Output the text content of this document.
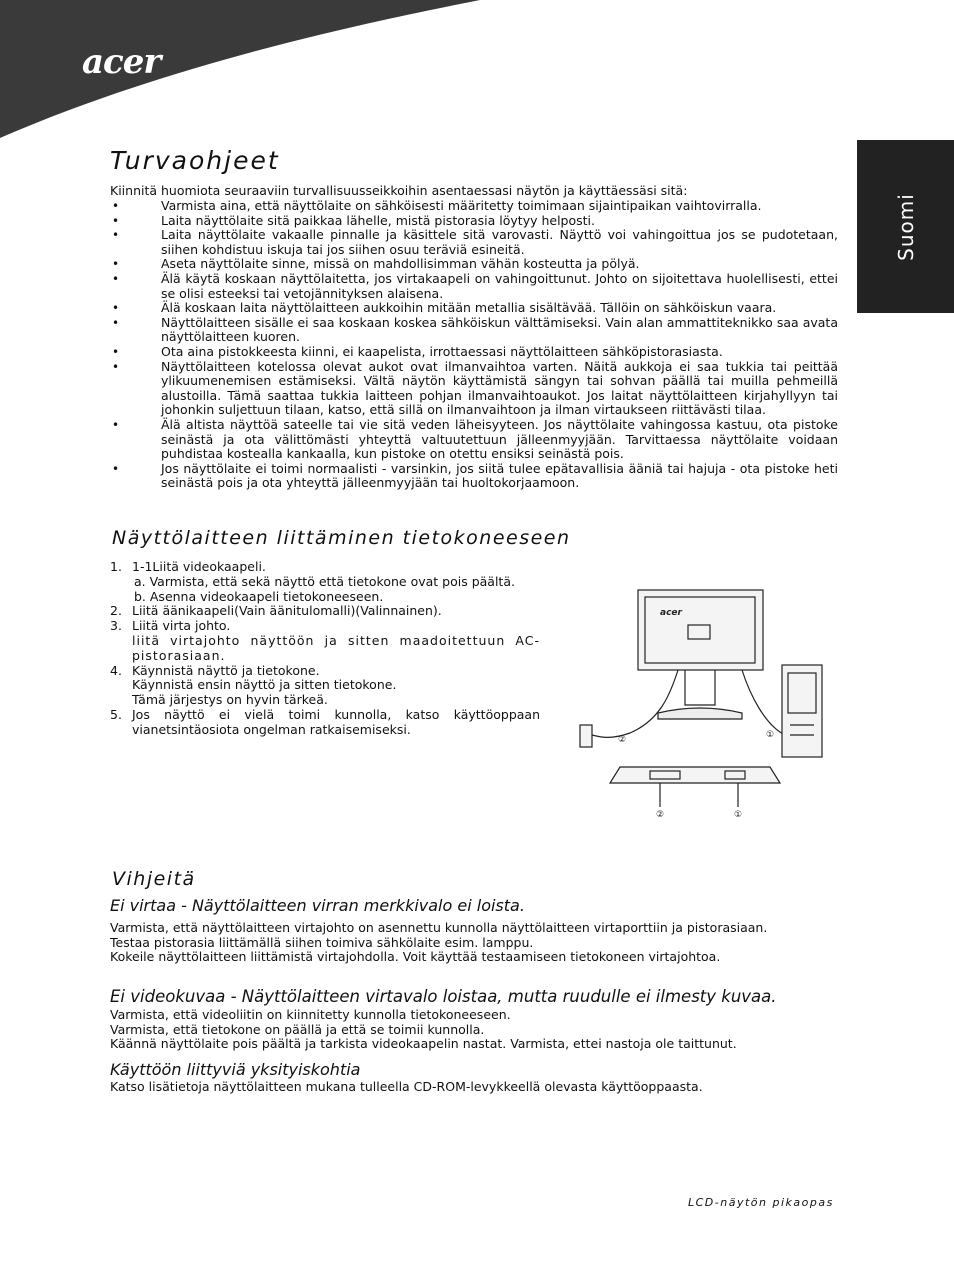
acer
Suomi
Turvaohjeet
Kiinnitä huomiota seuraaviin turvallisuusseikkoihin asentaessasi näytön ja käyttäessäsi sitä:
• Varmista aina, että näyttölaite on sähköisesti määritetty toimimaan sijaintipaikan vaihtovirralla.
• Laita näyttölaite sitä paikkaa lähelle, mistä pistorasia löytyy helposti.
• Laita näyttölaite vakaalle pinnalle ja käsittele sitä varovasti. Näyttö voi vahingoittua jos se pudotetaan, siihen kohdistuu iskuja tai jos siihen osuu teräviä esineitä.
• Aseta näyttölaite sinne, missä on mahdollisimman vähän kosteutta ja pölyä.
• Älä käytä koskaan näyttölaitetta, jos virtakaapeli on vahingoittunut. Johto on sijoitettava huolellisesti, ettei se olisi esteeksi tai vetojännityksen alaisena.
• Älä koskaan laita näyttölaitteen aukkoihin mitään metallia sisältävää. Tällöin on sähköiskun vaara.
• Näyttölaitteen sisälle ei saa koskaan koskea sähköiskun välttämiseksi. Vain alan ammattiteknikko saa avata näyttölaitteen kuoren.
• Ota aina pistokkeesta kiinni, ei kaapelista, irrottaessasi näyttölaitteen sähköpistorasiasta.
• Näyttölaitteen kotelossa olevat aukot ovat ilmanvaihtoa varten. Näitä aukkoja ei saa tukkia tai peittää ylikuumenemisen estämiseksi. Vältä näytön käyttämistä sängyn tai sohvan päällä tai muilla pehmeillä alustoilla. Tämä saattaa tukkia laitteen pohjan ilmanvaihtoaukot. Jos laitat näyttölaitteen kirjahyllyyn tai johonkin suljettuun tilaan, katso, että sillä on ilmanvaihtoon ja ilman virtaukseen riittävästi tilaa.
• Älä altista näyttöä sateelle tai vie sitä veden läheisyyteen. Jos näyttölaite vahingossa kastuu, ota pistoke seinästä ja ota välittömästi yhteyttä valtuutettuun jälleenmyyjään. Tarvittaessa näyttölaite voidaan puhdistaa kostealla kankaalla, kun pistoke on otettu ensiksi seinästä pois.
• Jos näyttölaite ei toimi normaalisti - varsinkin, jos siitä tulee epätavallisia ääniä tai hajuja - ota pistoke heti seinästä pois ja ota yhteyttä jälleenmyyjään tai huoltokorjaamoon.
Näyttölaitteen liittäminen tietokoneeseen
1. 1-1Liitä videokaapeli.
a. Varmista, että sekä näyttö että tietokone ovat pois päältä.
b. Asenna videokaapeli tietokoneeseen.
2. Liitä äänikaapeli(Vain äänitulomalli)(Valinnainen).
3. Liitä virta johto.
liitä virtajohto näyttöön ja sitten maadoitettuun AC-pistorasiaan.
4. Käynnistä näyttö ja tietokone.
Käynnistä ensin näyttö ja sitten tietokone.
Tämä järjestys on hyvin tärkeä.
5. Jos näyttö ei vielä toimi kunnolla, katso käyttöoppaan vianetsintäosiota ongelman ratkaisemiseksi.
acer
②	①
②	①
Vihjeitä
Ei virtaa - Näyttölaitteen virran merkkivalo ei loista.
Varmista, että näyttölaitteen virtajohto on asennettu kunnolla näyttölaitteen virtaporttiin ja pistorasiaan.
Testaa pistorasia liittämällä siihen toimiva sähkölaite esim. lamppu.
Kokeile näyttölaitteen liittämistä virtajohdolla. Voit käyttää testaamiseen tietokoneen virtajohtoa.
Ei videokuvaa - Näyttölaitteen virtavalo loistaa, mutta ruudulle ei ilmesty kuvaa.
Varmista, että videoliitin on kiinnitetty kunnolla tietokoneeseen.
Varmista, että tietokone on päällä ja että se toimii kunnolla.
Käännä näyttölaite pois päältä ja tarkista videokaapelin nastat. Varmista, ettei nastoja ole taittunut.
Käyttöön liittyviä yksityiskohtia
Katso lisätietoja näyttölaitteen mukana tulleella CD-ROM-levykkeellä olevasta käyttöoppaasta.
LCD-näytön pikaopas
